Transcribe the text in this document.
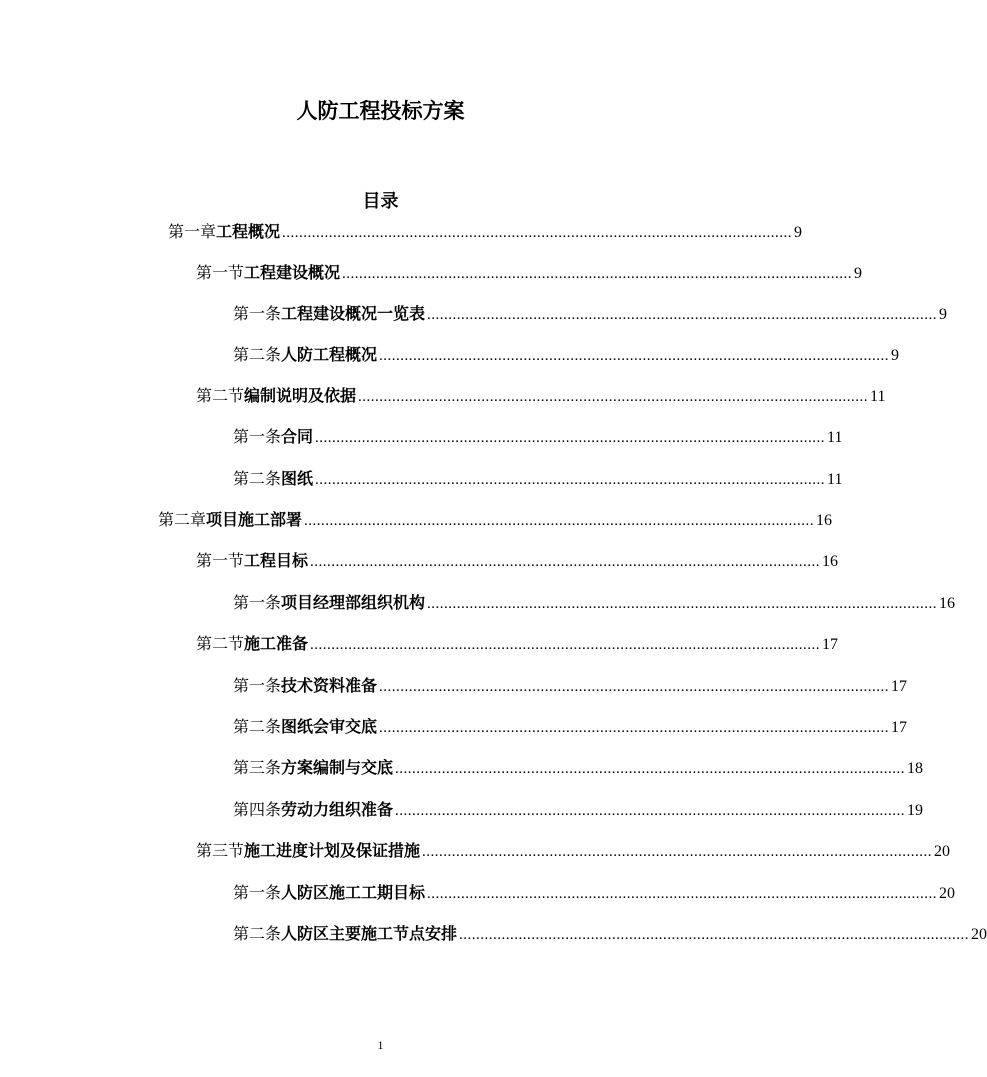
人防工程投标方案
目录
第一章 工程概况 ........................................................................................................................ 9
第一节 工程建设概况 ........................................................................................................................ 9
第一条 工程建设概况一览表 ........................................................................................................................ 9
第二条 人防工程概况 ........................................................................................................................ 9
第二节 编制说明及依据 ........................................................................................................................ 11
第一条 合同 ........................................................................................................................ 11
第二条 图纸 ........................................................................................................................ 11
第二章 项目施工部署 ........................................................................................................................ 16
第一节 工程目标 ........................................................................................................................ 16
第一条 项目经理部组织机构 ........................................................................................................................ 16
第二节 施工准备 ........................................................................................................................ 17
第一条 技术资料准备 ........................................................................................................................ 17
第二条 图纸会审交底 ........................................................................................................................ 17
第三条 方案编制与交底 ........................................................................................................................ 18
第四条 劳动力组织准备 ........................................................................................................................ 19
第三节 施工进度计划及保证措施 ........................................................................................................................ 20
第一条 人防区施工工期目标 ........................................................................................................................ 20
第二条 人防区主要施工节点安排 ........................................................................................................................ 20
1
